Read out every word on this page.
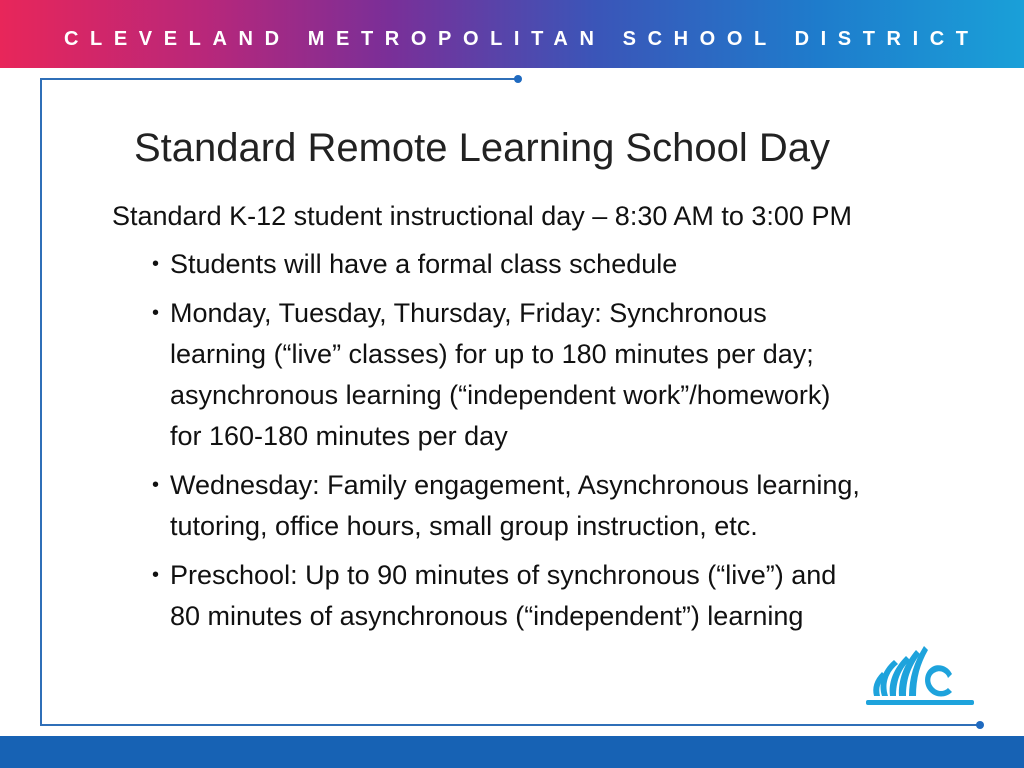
CLEVELAND METROPOLITAN SCHOOL DISTRICT
Standard Remote Learning School Day

Standard K-12 student instructional day – 8:30 AM to 3:00 PM

• Students will have a formal class schedule
• Monday, Tuesday, Thursday, Friday: Synchronous
learning (“live” classes) for up to 180 minutes per day;
asynchronous learning (“independent work”/homework)
for 160-180 minutes per day
• Wednesday: Family engagement, Asynchronous learning,
tutoring, office hours, small group instruction, etc.
• Preschool: Up to 90 minutes of synchronous (“live”) and
80 minutes of asynchronous (“independent”) learning
